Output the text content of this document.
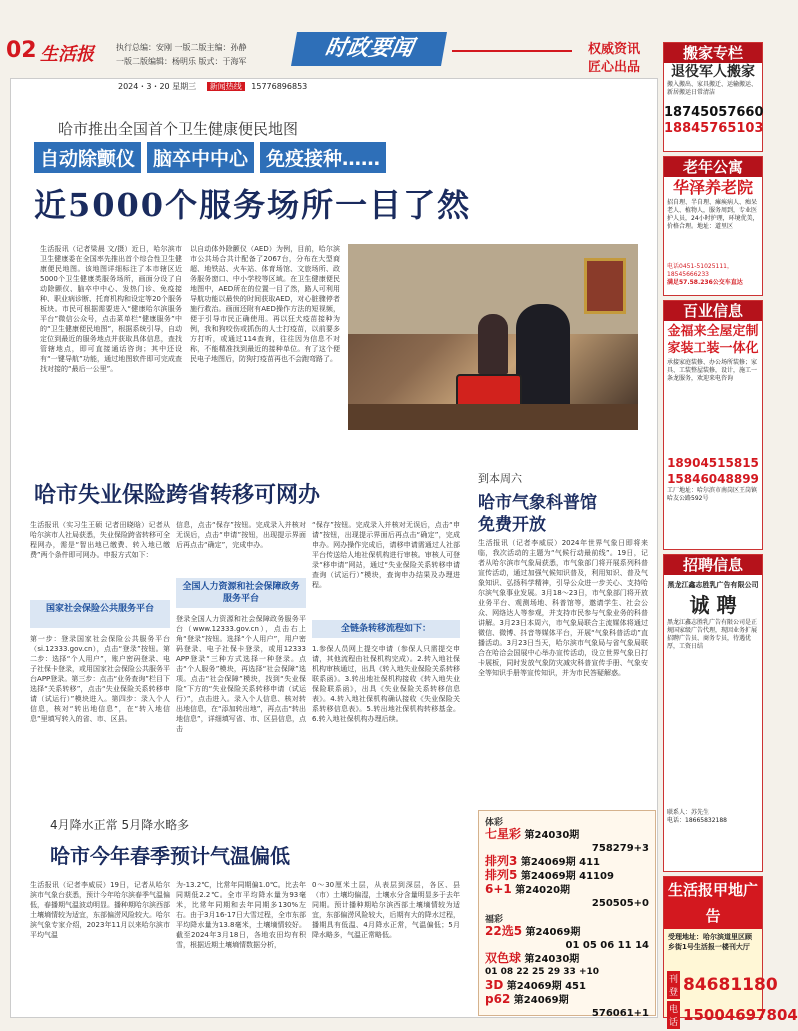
02 生活报	执行总编：安刚 一版二版主编：孙静
一版二版编辑：杨明乐 版式：于海军
时政要闻	权威资讯
匠心出品
2024・3・20 星期三 新闻热线 15776896853
哈市推出全国首个卫生健康便民地图
自动除颤仪 脑卒中中心 免疫接种……
近5000个服务场所一目了然
生活报讯（记者梁晨 文/摄）近日，哈尔滨市卫生健康委在全国率先推出首个综合性卫生健康便民地图。该地图详细标注了本市辖区近5000个卫生健康类服务场所，画面分设了自动除颤仪、脑卒中中心、发热门诊、免疫接种、职业病诊断、托育机构和设定等20个服务板块。市民可根据需要进入“健康哈尔滨服务平台”微信公众号，点击菜单栏“健康服务”中的“卫生健康便民地图”，根据系统引导，自动定位到最近的服务地点并获取具体信息，查找管辖地点，即可直接通话咨询；其中还设有“一键导航”功能，通过地图软件即可完成查找对接的“最后一公里”。
以自动体外除颤仪（AED）为例，目前，哈尔滨市公共场合共计配备了2067台，分布在大型商超、地铁站、火车站、体育场馆、文旅场所、政务服务窗口、中小学校等区域。在卫生健康便民地图中，AED所在的位置一目了然，路人可利用导航功能以最快的时间获取AED，对心脏骤停者施行救治。画面还附有AED操作方法的短视频，便于引导市民正确使用。再以狂犬疫苗接种为例，我和狗咬伤或抓伤的人士打疫苗，以前要多方打听，或通过114查询，往往因为信息不对称，不能精准找到最近的接种单位。有了这个便民电子地图后，防狗打疫苗再也不会跑弯路了。
哈市失业保险跨省转移可网办
生活报讯（实习生王硕 记者田晓晗）记者从哈尔滨市人社局获悉，失业保险跨省转移可全程网办，需是“智出地已缴费、转入地已缴费”两个条件即可网办。申报方式如下：
国家社会保险公共服务平台
第一步：登录国家社会保险公共服务平台（si.12333.gov.cn），点击“登录”按钮。第二步：选择“个人用户”，账户密码登录、电子社保卡登录，或用国家社会保险公共服务平台APP登录。第三步：点击“业务查询”栏目下选择“关系转移”，点击“失业保险关系转移申请（试运行）”模块进入。第四步：录入个人信息，核对“转出地信息”，在“转入地信息”里填写转入的省、市、区县。
信息，点击“保存”按钮。完成录入并核对无误后，点击“申请”按钮，出现提示界面后再点击“确定”，完成申办。
全国人力资源和社会保障政务服务平台
登录全国人力资源和社会保障政务服务平台（www.12333.gov.cn），点击右上角“登录”按钮。选择“个人用户”，用户密码登录、电子社保卡登录，或用12333 APP登录“三种方式选择一种登录。点击“个人服务”模块，再选择“社会保障”选项。点击“社会保障”模块，找到“失业保险”下方的“失业保险关系转移申请（试运行）”，点击进入。录入个人信息、核对转出地信息，在“添加转出地”，再点击“转出地信息”，详细填写省、市、区县信息，点击
“保存”按钮。完成录入并核对无误后，点击“申请”按钮，出现提示界面后再点击“确定”，完成申办。网办操作完成后，请移申请需通过人社部平台传送给人地社保机构进行审核。审核人可登录“移申请”网站，通过“失业保险关系转移申请查询（试运行）”模块，查询申办结果及办理进程。
全链条转移流程如下：
1.参保人员网上提交申请（参保人只需提交申请，其他流程由社保机构完成）。2.转入地社保机构审核通过，出具《转入地失业保险关系转移联系函》。3.转出地社保机构接收《转入地失业保险联系函》，出具《失业保险关系转移信息表》。4.转入地社保机构确认接收《失业保险关系转移信息表》。5.转出地社保机构转移基金。6.转入地社保机构办理后续。
到本周六
哈市气象科普馆
免费开放
生活报讯（记者李威辰）2024年世界气象日即将来临，我次活动的主题为“气候行动最前线”。19日，记者从哈尔滨市气象局获悉，市气象部门将开展系列科普宣传活动，通过加强气候知识普及，利用知识、普及气象知识、弘扬科学精神，引导公众进一步关心、支持哈尔滨气象事业发展。3月18～23日，市气象部门将开放业务平台、观测场地、科普馆等，邀请学生、社会公众、网络达人等参观，并支持市民参与气象业务的科普讲解。3月23日本周六，市气象局联合主流媒体将通过微信、微博、抖音等媒体平台，开展“气象科普活动”直播活动。3月23日当天，哈尔滨市气象局与省气象局联合在哈洽会国展中心举办宣传活动，设立世界气象日打卡展板，同时发放气象防灾减灾科普宣传手册、气象安全等知识手册等宣传知识，并为市民答疑解惑。
4月降水正常 5月降水略多
哈市今年春季预计气温偏低
生活报讯（记者李威辰）19日，记者从哈尔滨市气象台获悉，预计今年哈尔滨春季气温偏低，春播期气温波动明显。播种期哈尔滨西部土壤墒情较为适宜，东部偏涝风险较大。哈尔滨气象专家介绍，2023年11月以来哈尔滨市平均气温
为-13.2℃，比常年同期偏1.0℃。比去年同期低2.2℃。全市平均降水量为93毫米，比常年同期和去年同期多130%左右。由于3月16-17日大雪过程，全市东部平均降水量为13.8毫米，土壤墒情较好。截至2024年3月18日，各地农田均有积雪，根据近期土壤墒情数据分析，
0～30厘米土层，从表层到深层，各区、县（市）土壤均偏湿，土壤水分含量明显多于去年同期。预计播种期哈尔滨西部土壤墒情较为适宜，东部偏涝风险较大，后期有大的降水过程，播期具有低温、4月降水正常，气温偏低；5月降水略多，气温正常略低。
体彩
七星彩 第24030期
758279+3
排列3 第24069期 411
排列5 第24069期 41109
6+1 第24020期
250505+0
福彩
22选5 第24069期
01 05 06 11 14
双色球 第24030期
01 08 22 25 29 33 +10
3D 第24069期 451
p62 第24069期
576061+1
搬家专栏
退役军人搬家
搬入搬出、家具搬迁、运输搬运、新居搬运日常清洁
18745057660
18845765103
老年公寓
华泽养老院
招自理、半自理、瘫痪病人、痴呆老人、植物人，服务周到，专业医护人员，24小时护理，环境优美，价格合理。地址：道里区
电话0451-51025111，18545666233
满足57.58.236公交车直达
百业信息
金福来全屋定制家装工装一体化
承接家庭装修、办公场所装修；家具、工装整屋装修，设计，施工一条龙服务，欢迎来电咨询
18904515815
15846048899
工厂地址：哈尔滨市南岗区王岗镇哈友公路592号
招聘信息
黑龙江鑫志胜乳广告有限公司
诚 聘
黑龙江鑫志胜乳广告有限公司是正规国家级广告代理，现因业务扩展招聘广告员、商务专员，待遇优厚，工资日结
联系人：苏先生
电话：18665832188
生活报甲地广告
受理地址：哈尔滨道里区顾乡街1号生活报一楼刊大厅
刊登 84681180
电话 15004697804
